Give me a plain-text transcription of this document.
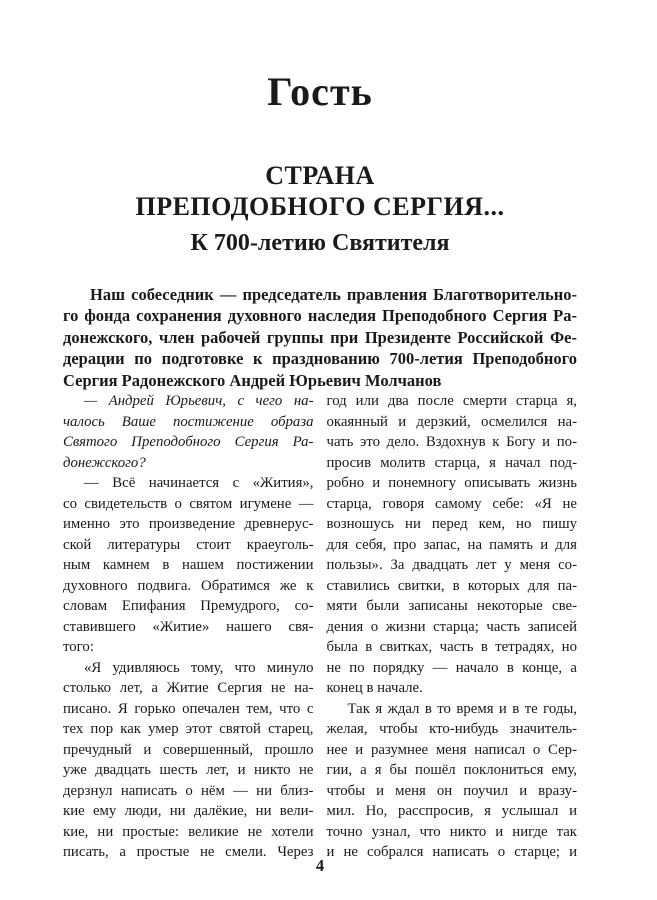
Гость
СТРАНА
ПРЕПОДОБНОГО СЕРГИЯ...
К 700-летию Святителя
Наш собеседник — председатель правления Благотворительно-
го фонда сохранения духовного наследия Преподобного Сергия Ра-
донежского, член рабочей группы при Президенте Российской Фе-
дерации по подготовке к празднованию 700-летия Преподобного
Сергия Радонежского Андрей Юрьевич Молчанов
— Андрей Юрьевич, с чего на-
чалось Ваше постижение образа
Святого Преподобного Сергия Ра-
донежского?
— Всё начинается с «Жития»,
со свидетельств о святом игумене —
именно это произведение древнерус-
ской литературы стоит краеуголь-
ным камнем в нашем постижении
духовного подвига. Обратимся же к
словам Епифания Премудрого, со-
ставившего «Житие» нашего свя-
того:
«Я удивляюсь тому, что минуло
столько лет, а Житие Сергия не на-
писано. Я горько опечален тем, что с
тех пор как умер этот святой старец,
пречудный и совершенный, прошло
уже двадцать шесть лет, и никто не
дерзнул написать о нём — ни близ-
кие ему люди, ни далёкие, ни вели-
кие, ни простые: великие не хотели
писать, а простые не смели. Через
год или два после смерти старца я,
окаянный и дерзкий, осмелился на-
чать это дело. Вздохнув к Богу и по-
просив молитв старца, я начал под-
робно и понемногу описывать жизнь
старца, говоря самому себе: «Я не
возношусь ни перед кем, но пишу
для себя, про запас, на память и для
пользы». За двадцать лет у меня со-
ставились свитки, в которых для па-
мяти были записаны некоторые све-
дения о жизни старца; часть записей
была в свитках, часть в тетрадях, но
не по порядку — начало в конце, а
конец в начале.
Так я ждал в то время и в те годы,
желая, чтобы кто-нибудь значитель-
нее и разумнее меня написал о Сер-
гии, а я бы пошёл поклониться ему,
чтобы и меня он поучил и вразу-
мил. Но, расспросив, я услышал и
точно узнал, что никто и нигде так
и не собрался написать о старце; и
4
